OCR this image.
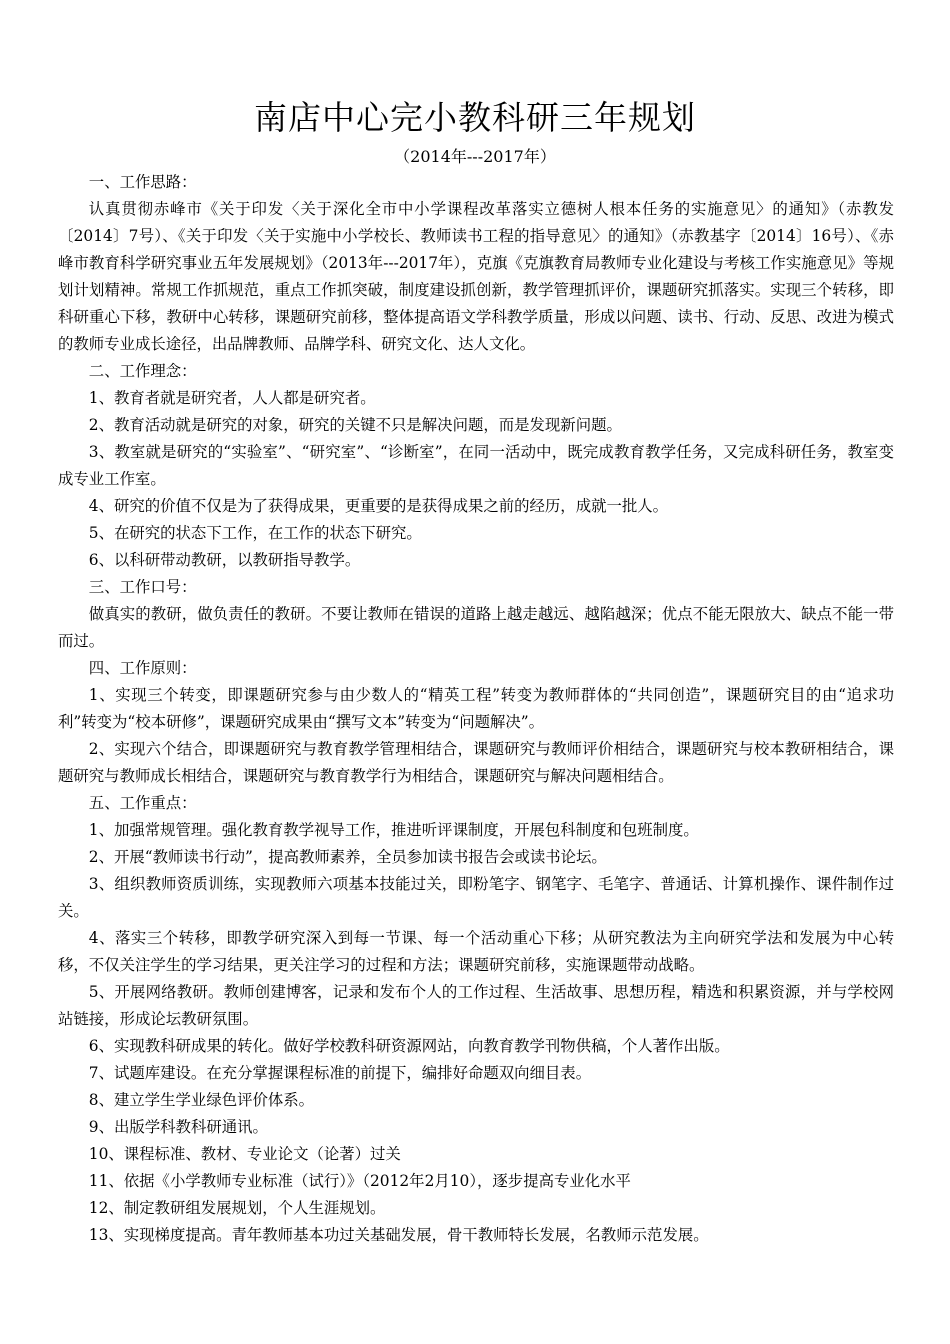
南店中心完小教科研三年规划
（2014年---2017年）

一、工作思路：

认真贯彻赤峰市《关于印发〈关于深化全市中小学课程改革落实立德树人根本任务的实施意见〉的通知》（赤教发〔2014〕7号）、《关于印发〈关于实施中小学校长、教师读书工程的指导意见〉的通知》（赤教基字〔2014〕16号）、《赤峰市教育科学研究事业五年发展规划》（2013年---2017年），克旗《克旗教育局教师专业化建设与考核工作实施意见》等规划计划精神。常规工作抓规范，重点工作抓突破，制度建设抓创新，教学管理抓评价，课题研究抓落实。实现三个转移，即科研重心下移，教研中心转移，课题研究前移，整体提高语文学科教学质量，形成以问题、读书、行动、反思、改进为模式的教师专业成长途径，出品牌教师、品牌学科、研究文化、达人文化。

二、工作理念：

1、教育者就是研究者，人人都是研究者。

2、教育活动就是研究的对象，研究的关键不只是解决问题，而是发现新问题。

3、教室就是研究的“实验室”、“研究室”、“诊断室”，在同一活动中，既完成教育教学任务，又完成科研任务，教室变成专业工作室。

4、研究的价值不仅是为了获得成果，更重要的是获得成果之前的经历，成就一批人。

5、在研究的状态下工作，在工作的状态下研究。

6、以科研带动教研，以教研指导教学。

三、工作口号：

做真实的教研，做负责任的教研。不要让教师在错误的道路上越走越远、越陷越深；优点不能无限放大、缺点不能一带而过。

四、工作原则：

1、实现三个转变，即课题研究参与由少数人的“精英工程”转变为教师群体的“共同创造”，课题研究目的由“追求功利”转变为“校本研修”，课题研究成果由“撰写文本”转变为“问题解决”。

2、实现六个结合，即课题研究与教育教学管理相结合，课题研究与教师评价相结合，课题研究与校本教研相结合，课题研究与教师成长相结合，课题研究与教育教学行为相结合，课题研究与解决问题相结合。

五、工作重点：

1、加强常规管理。强化教育教学视导工作，推进听评课制度，开展包科制度和包班制度。

2、开展“教师读书行动”，提高教师素养，全员参加读书报告会或读书论坛。

3、组织教师资质训练，实现教师六项基本技能过关，即粉笔字、钢笔字、毛笔字、普通话、计算机操作、课件制作过关。

4、落实三个转移，即教学研究深入到每一节课、每一个活动重心下移；从研究教法为主向研究学法和发展为中心转移，不仅关注学生的学习结果，更关注学习的过程和方法；课题研究前移，实施课题带动战略。

5、开展网络教研。教师创建博客，记录和发布个人的工作过程、生活故事、思想历程，精选和积累资源，并与学校网站链接，形成论坛教研氛围。

6、实现教科研成果的转化。做好学校教科研资源网站，向教育教学刊物供稿，个人著作出版。

7、试题库建设。在充分掌握课程标准的前提下，编排好命题双向细目表。

8、建立学生学业绿色评价体系。

9、出版学科教科研通讯。

10、课程标准、教材、专业论文（论著）过关

11、依据《小学教师专业标准（试行）》（2012年2月10），逐步提高专业化水平

12、制定教研组发展规划，个人生涯规划。

13、实现梯度提高。青年教师基本功过关基础发展，骨干教师特长发展，名教师示范发展。
